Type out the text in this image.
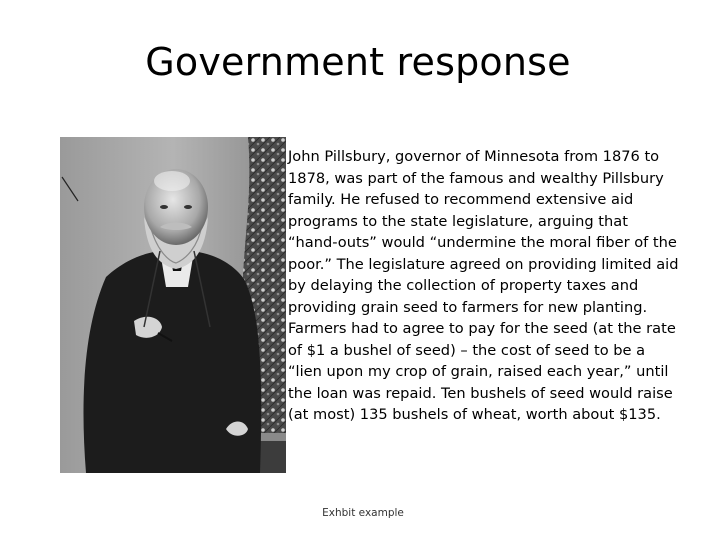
Government response

John Pillsbury, governor of Minnesota from 1876 to 1878, was part of the famous and wealthy Pillsbury family. He refused to recommend extensive aid programs to the state legislature, arguing that “hand-outs” would “undermine the moral fiber of the poor.” The legislature agreed on providing limited aid by delaying the collection of property taxes and providing grain seed to farmers for new planting. Farmers had to agree to pay for the seed (at the rate of $1 a bushel of seed) – the cost of seed to be a “lien upon my crop of grain, raised each year,” until the loan was repaid. Ten bushels of seed would raise (at most) 135 bushels of wheat, worth about $135.

Exhbit example
